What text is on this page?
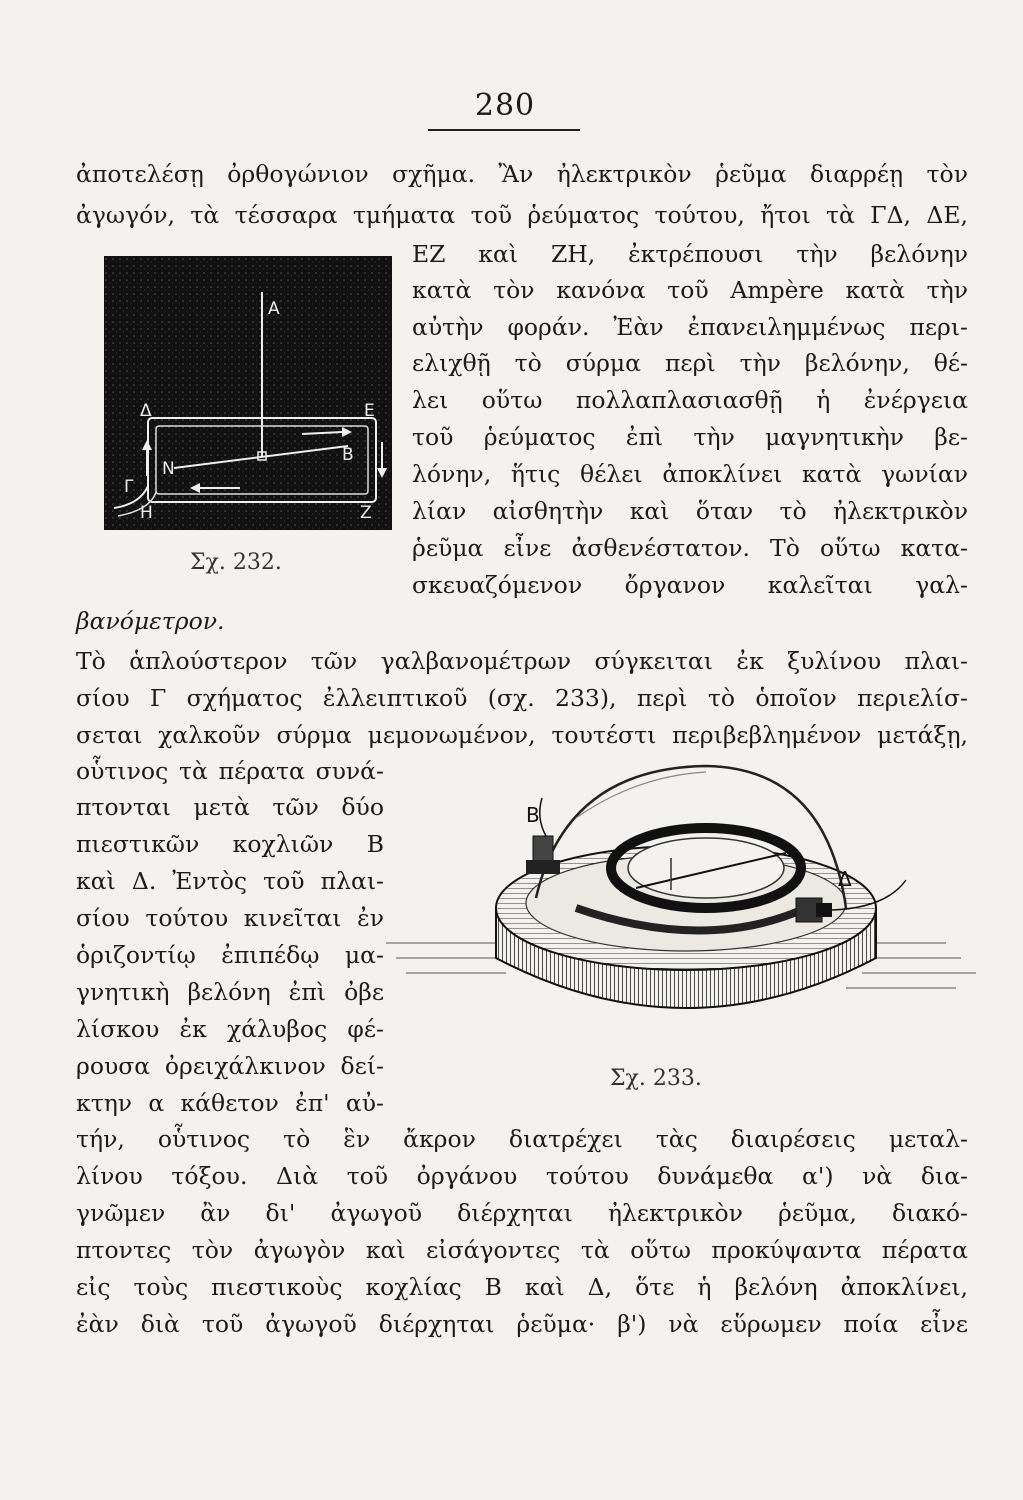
280
ἀποτελέσῃ ὀρθογώνιον σχῆμα. Ἂν ἠλεκτρικὸν ῥεῦμα διαρρέῃ τὸν
ἀγωγόν, τὰ τέσσαρα τμήματα τοῦ ῥεύματος τούτου, ἤτοι τὰ ΓΔ, ΔΕ,
ΕΖ καὶ ΖΗ, ἐκτρέπουσι τὴν βελόνην
κατὰ τὸν κανόνα τοῦ Ampère κατὰ τὴν
αὐτὴν φοράν. Ἐὰν ἐπανειλημμένως περι-
ελιχθῇ τὸ σύρμα περὶ τὴν βελόνην, θέ-
λει οὕτω πολλαπλασιασθῇ ἡ ἐνέργεια
τοῦ ῥεύματος ἐπὶ τὴν μαγνητικὴν βε-
λόνην, ἥτις θέλει ἀποκλίνει κατὰ γωνίαν
λίαν αἰσθητὴν καὶ ὅταν τὸ ἠλεκτρικὸν
ῥεῦμα εἶνε ἀσθενέστατον. Τὸ οὕτω κατα-
σκευαζόμενον ὄργανον καλεῖται γαλ-
A
Δ	E
N
B
Γ
H	Z
Σχ. 232.
βανόμετρον.
Τὸ ἁπλούστερον τῶν γαλβανομέτρων σύγκειται ἐκ ξυλίνου πλαι-
σίου Γ σχήματος ἐλλειπτικοῦ (σχ. 233), περὶ τὸ ὁποῖον περιελίσ-
σεται χαλκοῦν σύρμα μεμονωμένον, τουτέστι περιβεβλημένον μετάξῃ,
οὗτινος τὰ πέρατα συνά-
πτονται μετὰ τῶν δύο
πιεστικῶν κοχλιῶν Β
καὶ Δ. Ἐντὸς τοῦ πλαι-
σίου τούτου κινεῖται ἐν
ὁριζοντίῳ ἐπιπέδῳ μα-
γνητικὴ βελόνη ἐπὶ ὀβε
λίσκου ἐκ χάλυβος φέ-
ρουσα ὀρειχάλκινον δεί-
κτην α κάθετον ἐπ' αὐ-
B
Δ
Σχ. 233.
τήν, οὗτινος τὸ ἓν ἄκρον διατρέχει τὰς διαιρέσεις μεταλ-
λίνου τόξου. Διὰ τοῦ ὀργάνου τούτου δυνάμεθα α') νὰ δια-
γνῶμεν ἂν δι' ἀγωγοῦ διέρχηται ἠλεκτρικὸν ῥεῦμα, διακό-
πτοντες τὸν ἀγωγὸν καὶ εἰσάγοντες τὰ οὕτω προκύψαντα πέρατα
εἰς τοὺς πιεστικοὺς κοχλίας Β καὶ Δ, ὅτε ἡ βελόνη ἀποκλίνει,
ἐὰν διὰ τοῦ ἀγωγοῦ διέρχηται ῥεῦμα· β') νὰ εὕρωμεν ποία εἶνε
